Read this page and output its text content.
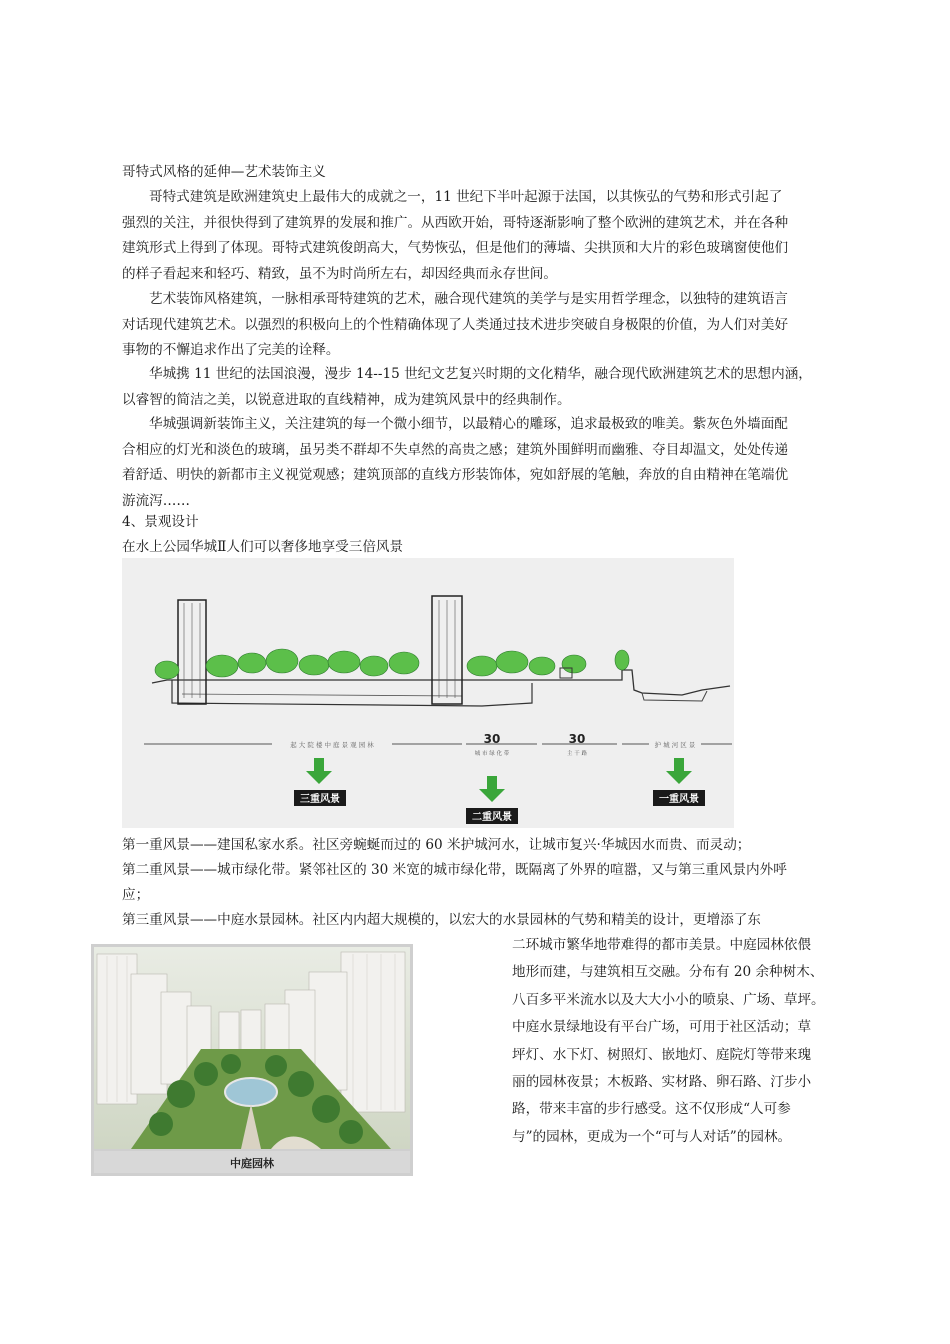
哥特式风格的延伸—艺术装饰主义
哥特式建筑是欧洲建筑史上最伟大的成就之一，11 世纪下半叶起源于法国，以其恢弘的气势和形式引起了
强烈的关注，并很快得到了建筑界的发展和推广。从西欧开始，哥特逐渐影响了整个欧洲的建筑艺术，并在各种
建筑形式上得到了体现。哥特式建筑俊朗高大，气势恢弘，但是他们的薄墙、尖拱顶和大片的彩色玻璃窗使他们
的样子看起来和轻巧、精致，虽不为时尚所左右，却因经典而永存世间。
艺术装饰风格建筑，一脉相承哥特建筑的艺术，融合现代建筑的美学与是实用哲学理念，以独特的建筑语言
对话现代建筑艺术。以强烈的积极向上的个性精确体现了人类通过技术进步突破自身极限的价值，为人们对美好
事物的不懈追求作出了完美的诠释。
华城携 11 世纪的法国浪漫，漫步 14--15 世纪文艺复兴时期的文化精华，融合现代欧洲建筑艺术的思想内涵，
以睿智的简洁之美，以锐意进取的直线精神，成为建筑风景中的经典制作。
华城强调新装饰主义，关注建筑的每一个微小细节，以最精心的雕琢，追求最极致的唯美。紫灰色外墙面配
合相应的灯光和淡色的玻璃，虽另类不群却不失卓然的高贵之感；建筑外围鲜明而幽雅、夺目却温文，处处传递
着舒适、明快的新都市主义视觉观感；建筑顶部的直线方形装饰体，宛如舒展的笔触，奔放的自由精神在笔端优
游流泻……
4、景观设计
在水上公园华城Ⅱ人们可以奢侈地享受三倍风景
起 大 院 楼 中 庭 景 观 园 林	护 城 河 区 景
30
城 市 绿 化 带
30
主 干 路
三重风景
二重风景
一重风景
第一重风景——建国私家水系。社区旁蜿蜒而过的 60 米护城河水，让城市复兴·华城因水而贵、而灵动；
第二重风景——城市绿化带。紧邻社区的 30 米宽的城市绿化带，既隔离了外界的喧嚣，又与第三重风景内外呼
应；
第三重风景——中庭水景园林。社区内内超大规模的，以宏大的水景园林的气势和精美的设计，更增添了东
中庭园林
二环城市繁华地带难得的都市美景。中庭园林依偎
地形而建，与建筑相互交融。分布有 20 余种树木、
八百多平米流水以及大大小小的喷泉、广场、草坪。
中庭水景绿地设有平台广场，可用于社区活动；草
坪灯、水下灯、树照灯、嵌地灯、庭院灯等带来瑰
丽的园林夜景；木板路、实材路、卵石路、汀步小
路，带来丰富的步行感受。这不仅形成“人可参
与”的园林，更成为一个“可与人对话”的园林。
